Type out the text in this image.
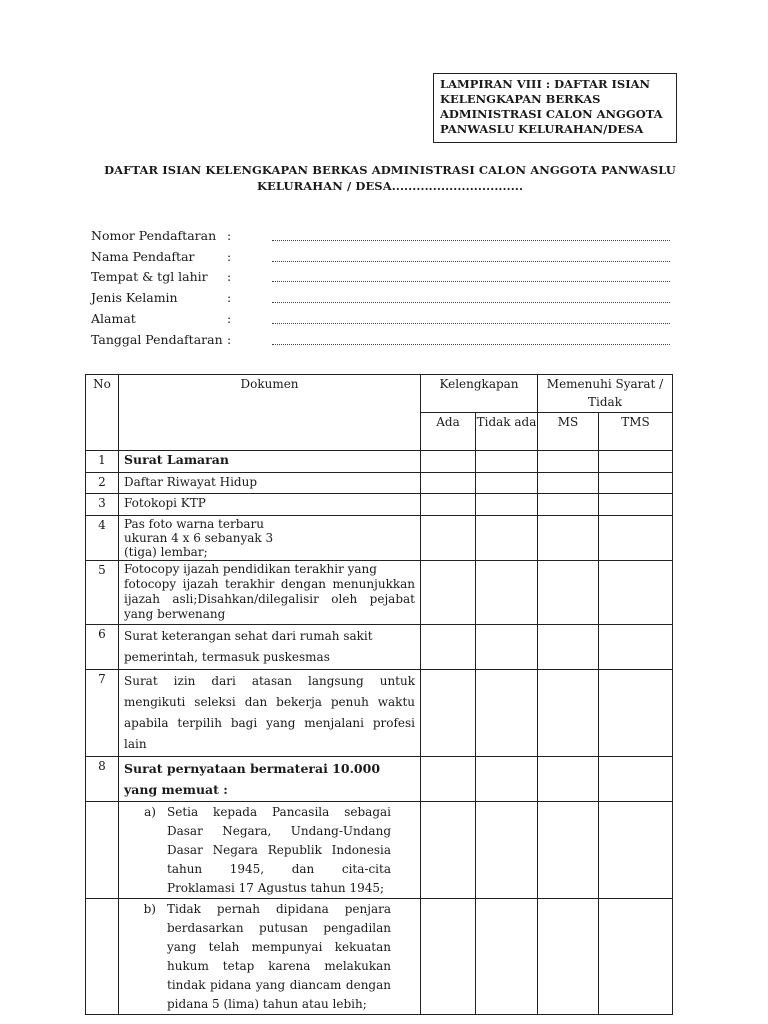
LAMPIRAN VIII : DAFTAR ISIAN
KELENGKAPAN BERKAS
ADMINISTRASI CALON ANGGOTA
PANWASLU KELURAHAN/DESA
DAFTAR ISIAN KELENGKAPAN BERKAS ADMINISTRASI CALON ANGGOTA PANWASLU
KELURAHAN / DESA................................
Nomor Pendaftaran :
Nama Pendaftar	:
Tempat & tgl lahir :
Jenis Kelamin	:
Alamat	:
Tanggal Pendaftaran :
No	Dokumen	Kelengkapan		Memenuhi Syarat / Tidak	
		Ada	Tidak ada	MS	TMS
1	Surat Lamaran				
2	Daftar Riwayat Hidup				
3	Fotokopi KTP				
4	Pas foto warna terbaru ukuran 4 x 6 sebanyak 3 (tiga) lembar;				
5	Fotocopy ijazah pendidikan terakhir yang
fotocopy ijazah terakhir dengan menunjukkan ijazah asli;Disahkan/dilegalisir oleh pejabat yang berwenang				

6	Surat keterangan sehat dari rumah sakit pemerintah, termasuk puskesmas				
7	Surat izin dari atasan langsung untuk mengikuti seleksi dan bekerja penuh waktu apabila terpilih bagi yang menjalani profesi lain				
8	Surat pernyataan bermaterai 10.000 yang memuat :				

	a) Setia kepada Pancasila sebagai Dasar Negara, Undang-Undang Dasar Negara Republik Indonesia tahun 1945, dan cita-cita Proklamasi 17 Agustus tahun 1945;				

	b) Tidak pernah dipidana penjara berdasarkan putusan pengadilan yang telah mempunyai kekuatan hukum tetap karena melakukan tindak pidana yang diancam dengan pidana 5 (lima) tahun atau lebih;				
